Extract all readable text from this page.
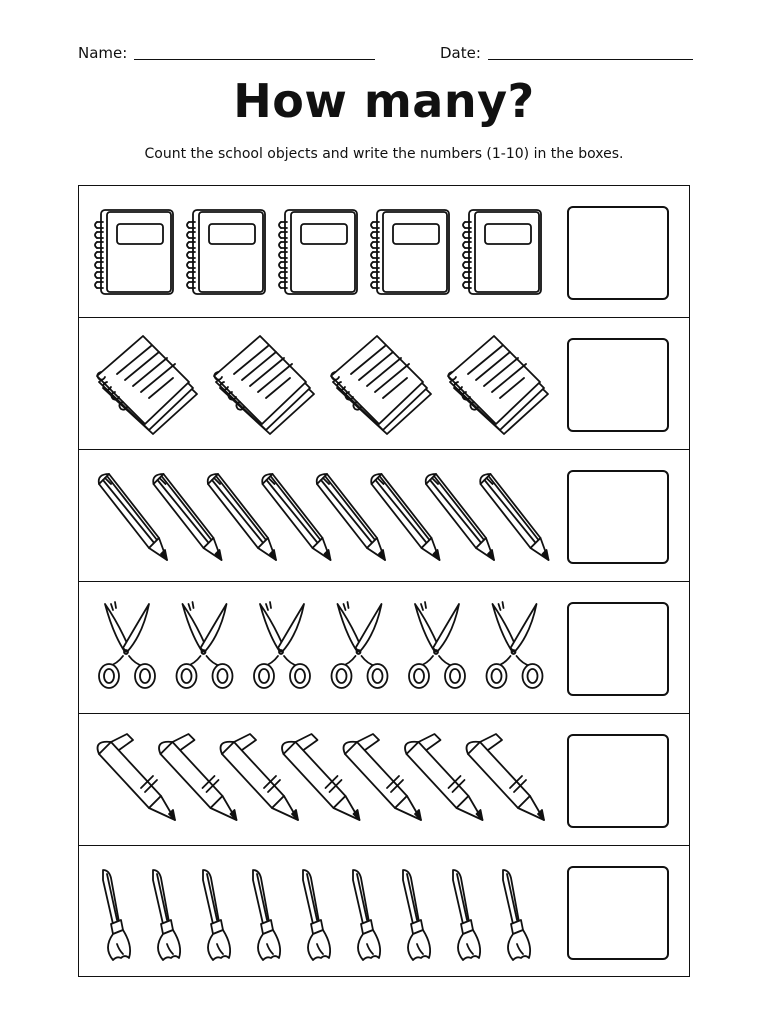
Name:	Date:
How many?
Count the school objects and write the numbers (1-10) in the boxes.
